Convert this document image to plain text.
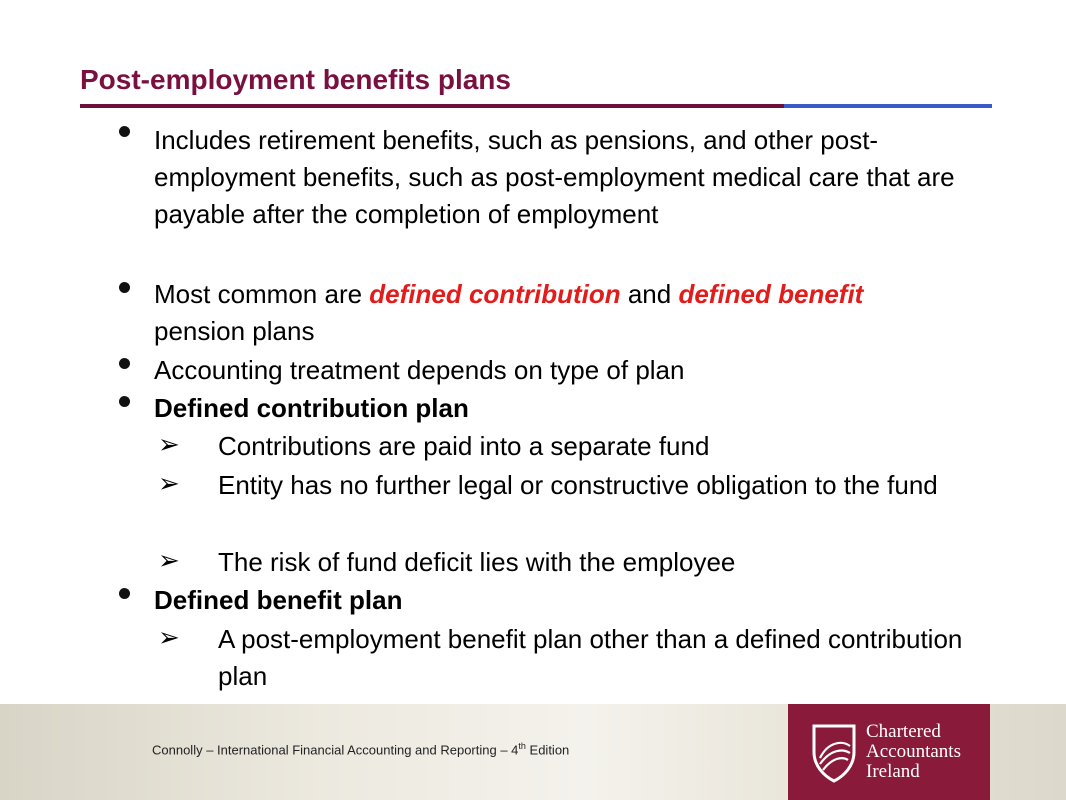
Post-employment benefits plans
Includes retirement benefits, such as pensions, and other post-employment benefits, such as post-employment medical care that are payable after the completion of employment
Most common are defined contribution and defined benefit pension plans
Accounting treatment depends on type of plan
Defined contribution plan
➢ Contributions are paid into a separate fund
➢ Entity has no further legal or constructive obligation to the fund
➢ The risk of fund deficit lies with the employee
Defined benefit plan
➢ A post-employment benefit plan other than a defined contribution plan
Connolly – International Financial Accounting and Reporting – 4th Edition
Chartered
Accountants
Ireland
